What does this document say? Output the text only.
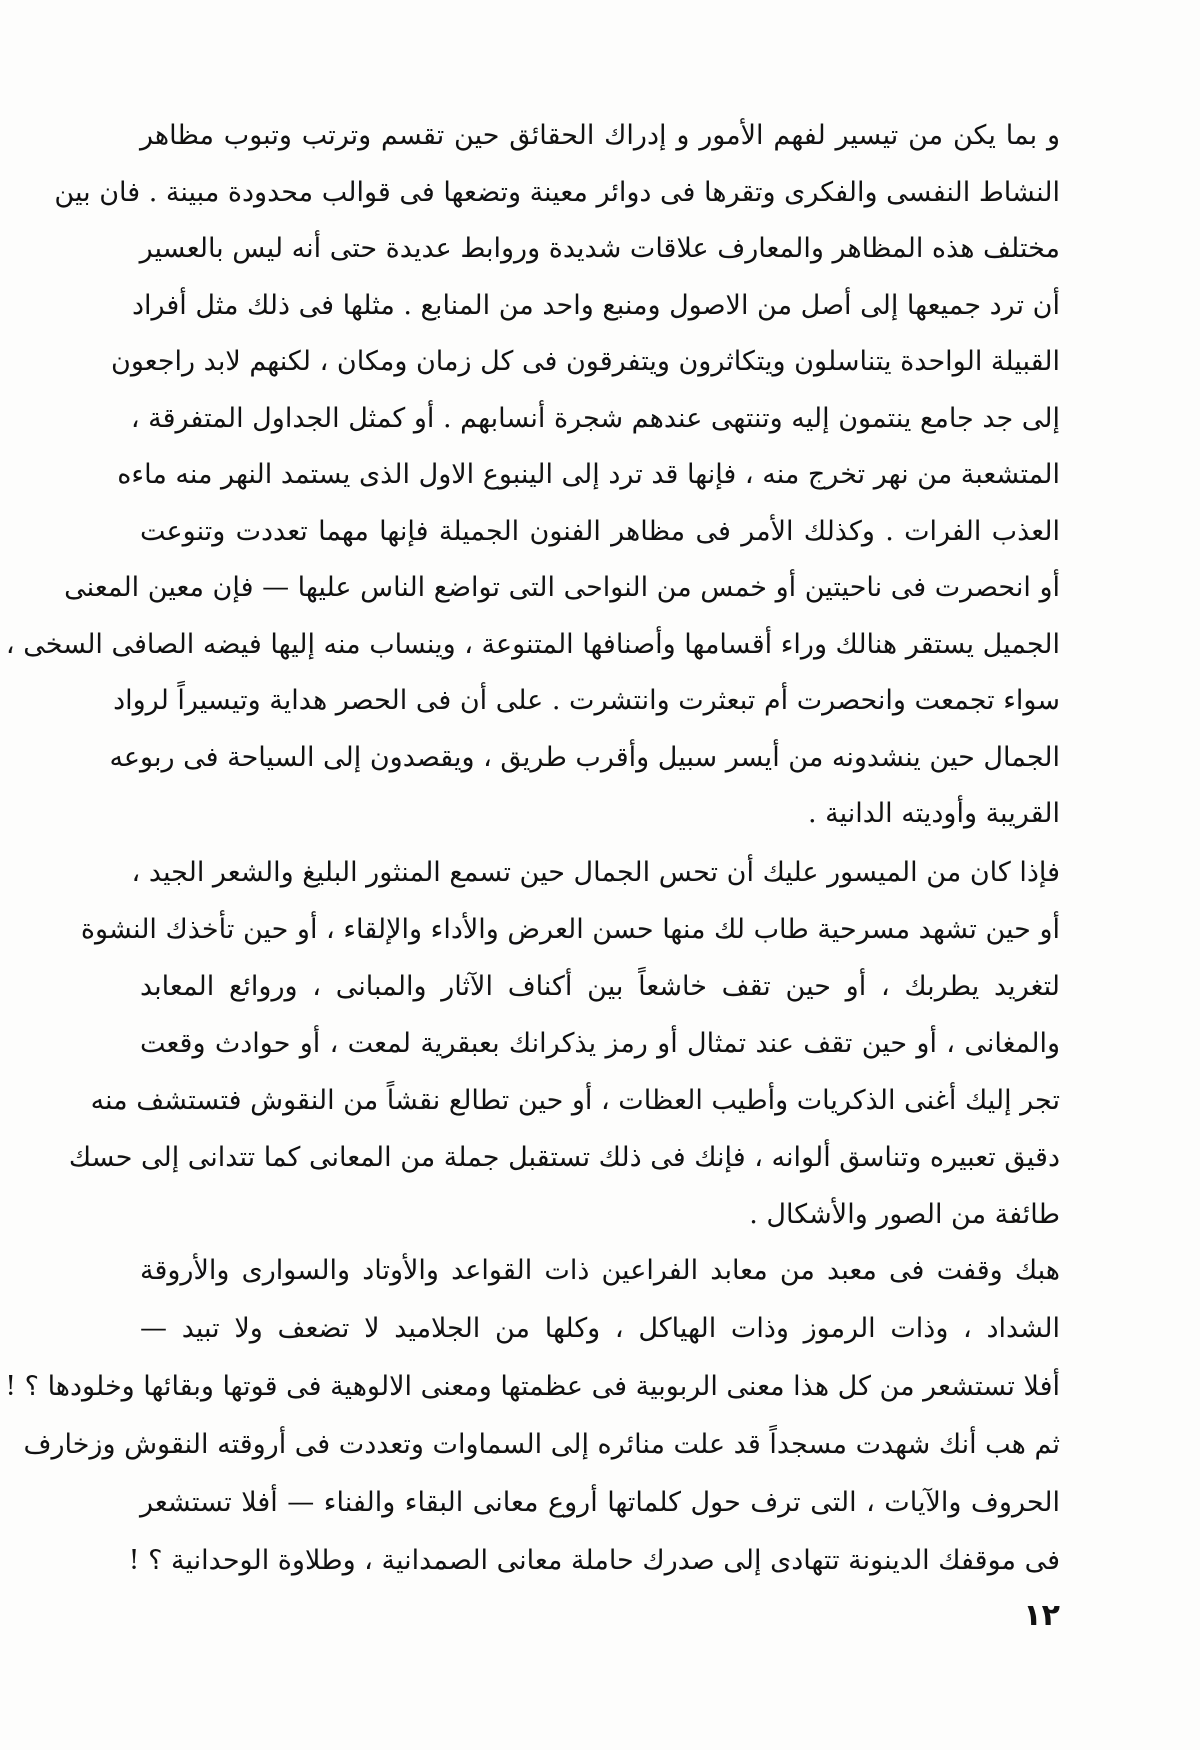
و بما يكن من تيسير لفهم الأمور و إدراك الحقائق حين تقسم وترتب وتبوب مظاهر
النشاط النفسى والفكرى وتقرها فى دوائر معينة وتضعها فى قوالب محدودة مبينة . فان بين
مختلف هذه المظاهر والمعارف علاقات شديدة وروابط عديدة حتى أنه ليس بالعسير
أن ترد جميعها إلى أصل من الاصول ومنبع واحد من المنابع . مثلها فى ذلك مثل أفراد
القبيلة الواحدة يتناسلون ويتكاثرون ويتفرقون فى كل زمان ومكان ، لكنهم لابد راجعون
إلى جد جامع ينتمون إليه وتنتهى عندهم شجرة أنسابهم . أو كمثل الجداول المتفرقة ،
المتشعبة من نهر تخرج منه ، فإنها قد ترد إلى الينبوع الاول الذى يستمد النهر منه ماءه
العذب الفرات . وكذلك الأمر فى مظاهر الفنون الجميلة فإنها مهما تعددت وتنوعت
أو انحصرت فى ناحيتين أو خمس من النواحى التى تواضع الناس عليها — فإن معين المعنى
الجميل يستقر هنالك وراء أقسامها وأصنافها المتنوعة ، وينساب منه إليها فيضه الصافى السخى ،
سواء تجمعت وانحصرت أم تبعثرت وانتشرت . على أن فى الحصر هداية وتيسيراً لرواد
الجمال حين ينشدونه من أيسر سبيل وأقرب طريق ، ويقصدون إلى السياحة فى ربوعه
القريبة وأوديته الدانية .
فإذا كان من الميسور عليك أن تحس الجمال حين تسمع المنثور البليغ والشعر الجيد ،
أو حين تشهد مسرحية طاب لك منها حسن العرض والأداء والإلقاء ، أو حين تأخذك النشوة
لتغريد يطربك ، أو حين تقف خاشعاً بين أكناف الآثار والمبانى ، وروائع المعابد
والمغانى ، أو حين تقف عند تمثال أو رمز يذكرانك بعبقرية لمعت ، أو حوادث وقعت
تجر إليك أغنى الذكريات وأطيب العظات ، أو حين تطالع نقشاً من النقوش فتستشف منه
دقيق تعبيره وتناسق ألوانه ، فإنك فى ذلك تستقبل جملة من المعانى كما تتدانى إلى حسك
طائفة من الصور والأشكال .
هبك وقفت فى معبد من معابد الفراعين ذات القواعد والأوتاد والسوارى والأروقة
الشداد ، وذات الرموز وذات الهياكل ، وكلها من الجلاميد لا تضعف ولا تبيد —
أفلا تستشعر من كل هذا معنى الربوبية فى عظمتها ومعنى الالوهية فى قوتها وبقائها وخلودها ؟ !
ثم هب أنك شهدت مسجداً قد علت منائره إلى السماوات وتعددت فى أروقته النقوش وزخارف
الحروف والآيات ، التى ترف حول كلماتها أروع معانى البقاء والفناء — أفلا تستشعر
فى موقفك الدينونة تتهادى إلى صدرك حاملة معانى الصمدانية ، وطلاوة الوحدانية ؟ !
١٢
